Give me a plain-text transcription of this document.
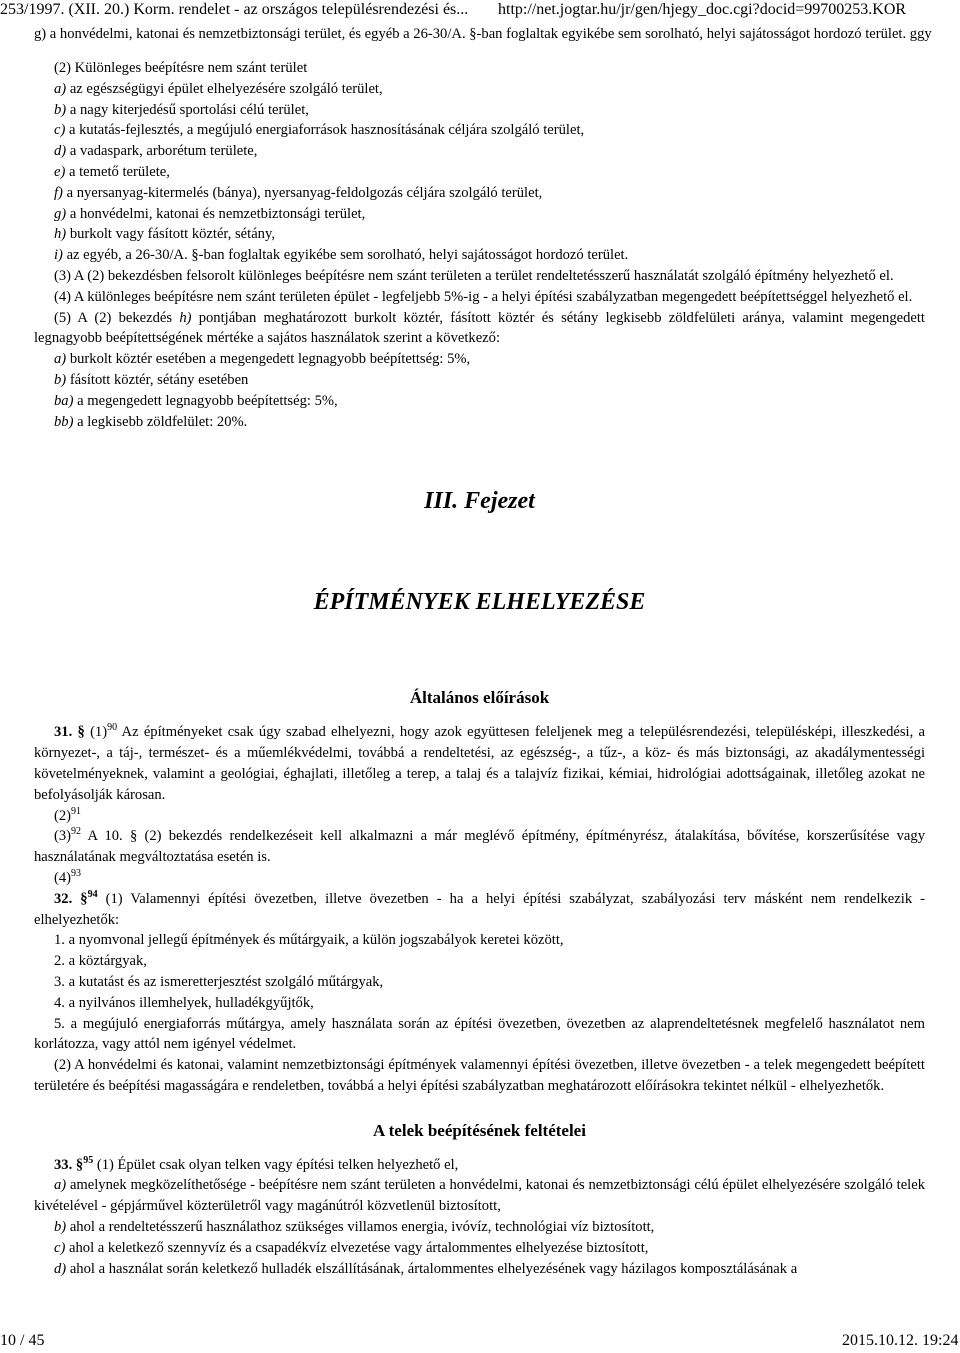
253/1997. (XII. 20.) Korm. rendelet - az országos településrendezési és... http://net.jogtar.hu/jr/gen/hjegy_doc.cgi?docid=99700253.KOR
g) a honvédelmi, katonai és nemzetbiztonsági terület, és egyéb a 26-30/A. §-ban foglaltak egyikébe sem sorolható, helyi sajátosságot hordozó terület. ggy

(2) Különleges beépítésre nem szánt terület

a) az egészségügyi épület elhelyezésére szolgáló terület,

b) a nagy kiterjedésű sportolási célú terület,

c) a kutatás-fejlesztés, a megújuló energiaforrások hasznosításának céljára szolgáló terület,

d) a vadaspark, arborétum területe,

e) a temető területe,

f) a nyersanyag-kitermelés (bánya), nyersanyag-feldolgozás céljára szolgáló terület,

g) a honvédelmi, katonai és nemzetbiztonsági terület,

h) burkolt vagy fásított köztér, sétány,

i) az egyéb, a 26-30/A. §-ban foglaltak egyikébe sem sorolható, helyi sajátosságot hordozó terület.

(3) A (2) bekezdésben felsorolt különleges beépítésre nem szánt területen a terület rendeltetésszerű használatát szolgáló építmény helyezhető el.

(4) A különleges beépítésre nem szánt területen épület - legfeljebb 5%-ig - a helyi építési szabályzatban megengedett beépítettséggel helyezhető el.

(5) A (2) bekezdés h) pontjában meghatározott burkolt köztér, fásított köztér és sétány legkisebb zöldfelületi aránya, valamint megengedett legnagyobb beépítettségének mértéke a sajátos használatok szerint a következő:

a) burkolt köztér esetében a megengedett legnagyobb beépítettség: 5%,

b) fásított köztér, sétány esetében

ba) a megengedett legnagyobb beépítettség: 5%,

bb) a legkisebb zöldfelület: 20%.

III. Fejezet
ÉPÍTMÉNYEK ELHELYEZÉSE
Általános előírások

31. § $(1)^{90}$ Az építményeket csak úgy szabad elhelyezni, hogy azok együttesen feleljenek meg a településrendezési, településképi, illeszkedési, a környezet-, a táj-, természet- és a műemlékvédelmi, továbbá a rendeltetési, az egészség-, a tűz-, a köz- és más biztonsági, az akadálymentességi követelményeknek, valamint a geológiai, éghajlati, illetőleg a terep, a talaj és a talajvíz fizikai, kémiai, hidrológiai adottságainak, illetőleg azokat ne befolyásolják károsan.

$(2)^{91}$

$(3)^{92}$ A 10. § (2) bekezdés rendelkezéseit kell alkalmazni a már meglévő építmény, építményrész, átalakítása, bővítése, korszerűsítése vagy használatának megváltoztatása esetén is.

$(4)^{93}$

32. §$^{94}$ (1) Valamennyi építési övezetben, illetve övezetben - ha a helyi építési szabályzat, szabályozási terv másként nem rendelkezik - elhelyezhetők:

1. a nyomvonal jellegű építmények és műtárgyaik, a külön jogszabályok keretei között,

2. a köztárgyak,

3. a kutatást és az ismeretterjesztést szolgáló műtárgyak,

4. a nyilvános illemhelyek, hulladékgyűjtők,

5. a megújuló energiaforrás műtárgya, amely használata során az építési övezetben, övezetben az alaprendeltetésnek megfelelő használatot nem korlátozza, vagy attól nem igényel védelmet.

(2) A honvédelmi és katonai, valamint nemzetbiztonsági építmények valamennyi építési övezetben, illetve övezetben - a telek megengedett beépített területére és beépítési magasságára e rendeletben, továbbá a helyi építési szabályzatban meghatározott előírásokra tekintet nélkül - elhelyezhetők.

A telek beépítésének feltételei

33. §$^{95}$ (1) Épület csak olyan telken vagy építési telken helyezhető el,

a) amelynek megközelíthetősége - beépítésre nem szánt területen a honvédelmi, katonai és nemzetbiztonsági célú épület elhelyezésére szolgáló telek kivételével - gépjárművel közterületről vagy magánútról közvetlenül biztosított,

b) ahol a rendeltetésszerű használathoz szükséges villamos energia, ivóvíz, technológiai víz biztosított,

c) ahol a keletkező szennyvíz és a csapadékvíz elvezetése vagy ártalommentes elhelyezése biztosított,

d) ahol a használat során keletkező hulladék elszállításának, ártalommentes elhelyezésének vagy házilagos komposztálásának a

10 / 45	2015.10.12. 19:24
